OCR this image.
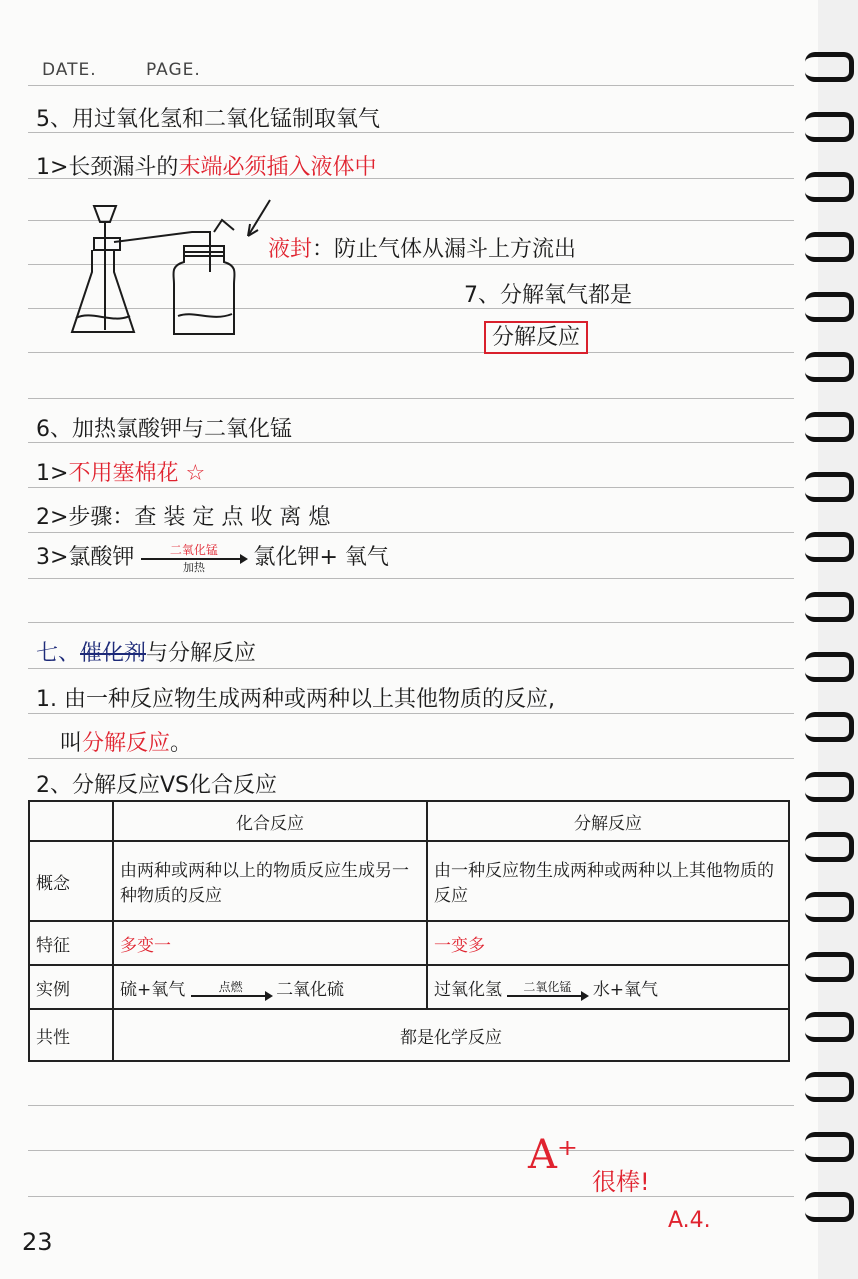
DATE.	PAGE.
5、用过氧化氢和二氧化锰制取氧气
1>长颈漏斗的末端必须插入液体中
液封：防止气体从漏斗上方流出
7、分解氧气都是
分解反应
6、加热氯酸钾与二氧化锰
1>不用塞棉花 ☆
2>步骤：查 装 定 点 收 离 熄
3>氯酸钾	二氧化锰
加热	氯化钾+ 氧气
七、催化剂与分解反应
1. 由一种反应物生成两种或两种以上其他物质的反应,
叫分解反应。
2、分解反应VS化合反应
	化合反应	分解反应
概念	由两种或两种以上的物质反应生成另一种物质的反应	由一种反应物生成两种或两种以上其他物质的反应
特征	多变一	一变多
实例	硫+氧气 点燃 二氧化硫	过氧化氢 二氧化锰 水+氧气
共性	都是化学反应	
A⁺
很棒!
A.4.
23
